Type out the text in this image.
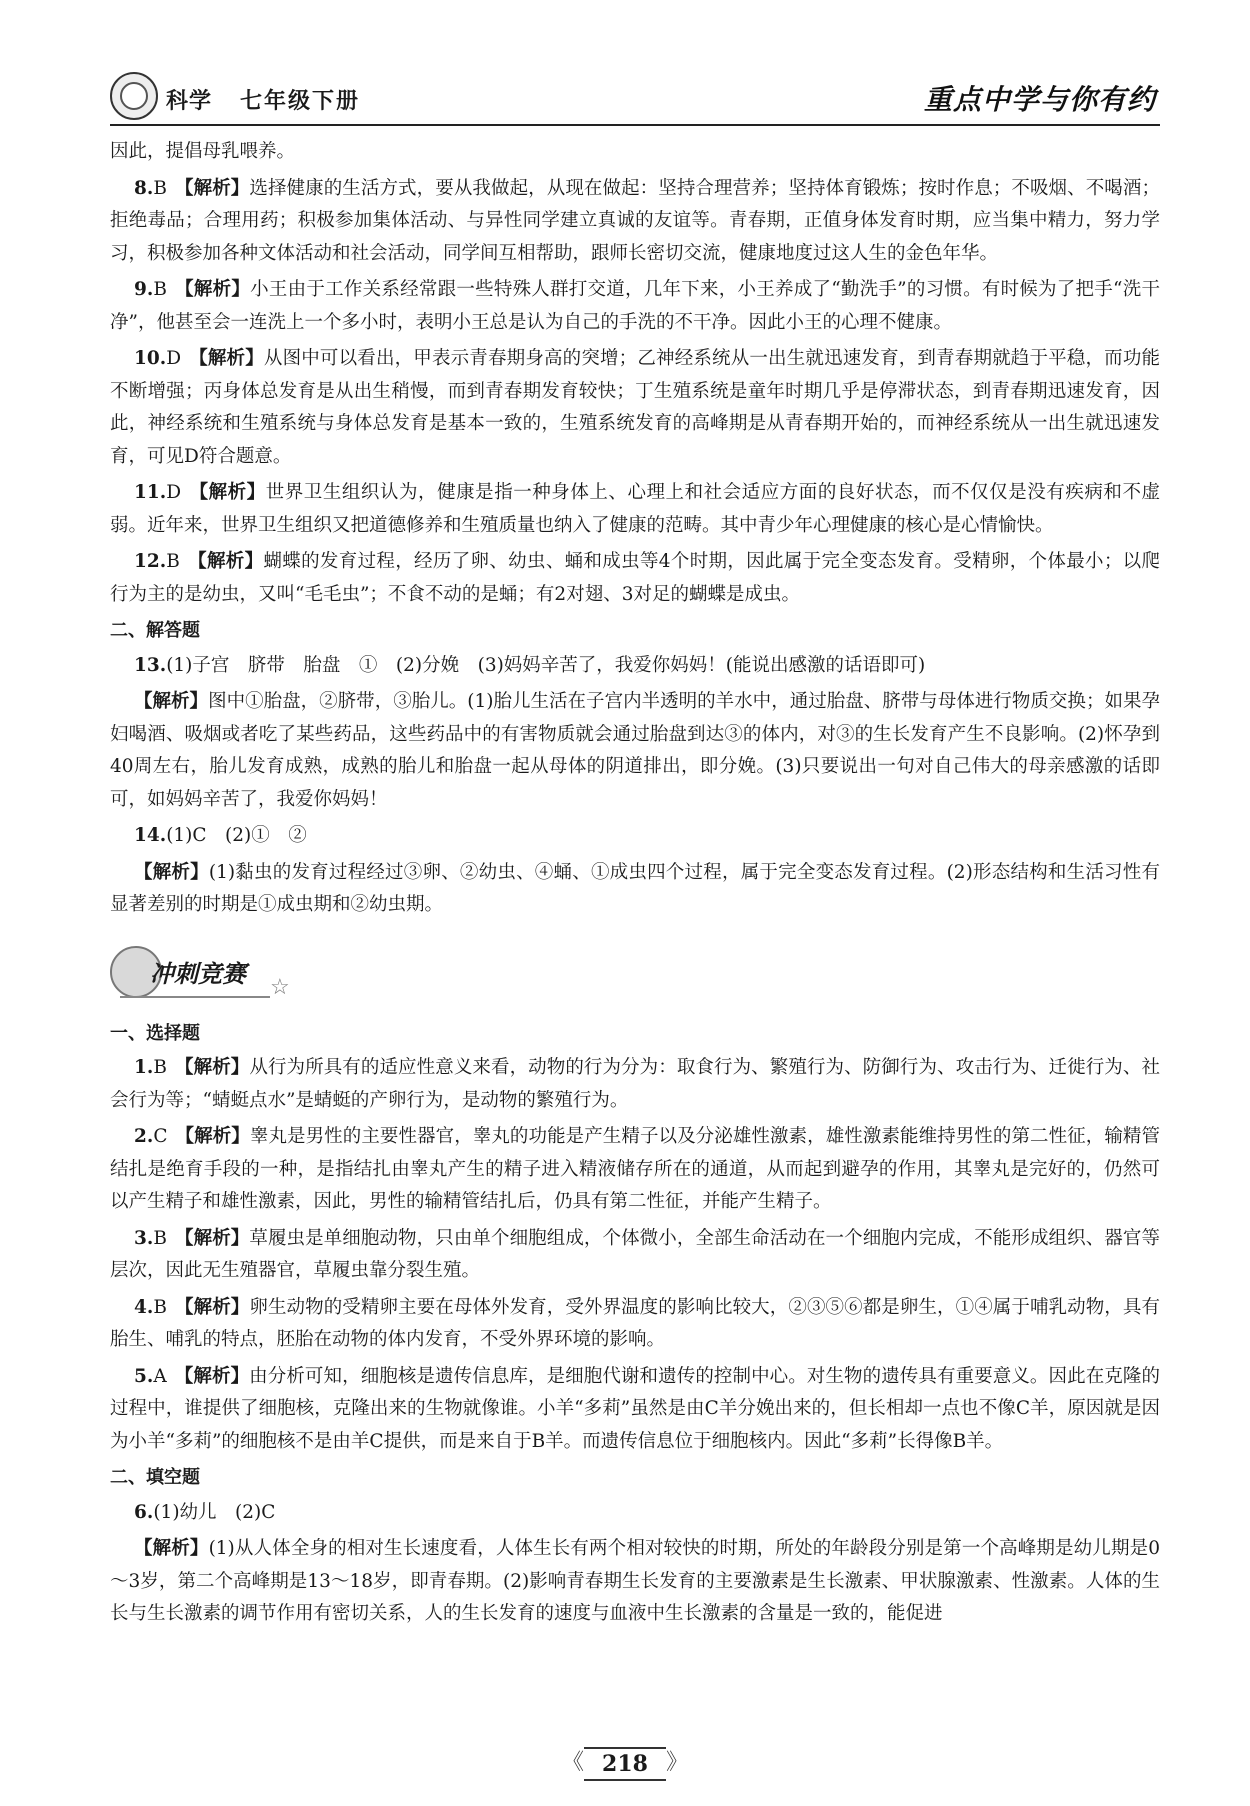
科学 七年级下册	重点中学与你有约

因此，提倡母乳喂养。

8.B 【解析】选择健康的生活方式，要从我做起，从现在做起：坚持合理营养；坚持体育锻炼；按时作息；不吸烟、不喝酒；拒绝毒品；合理用药；积极参加集体活动、与异性同学建立真诚的友谊等。青春期，正值身体发育时期，应当集中精力，努力学习，积极参加各种文体活动和社会活动，同学间互相帮助，跟师长密切交流，健康地度过这人生的金色年华。

9.B 【解析】小王由于工作关系经常跟一些特殊人群打交道，几年下来，小王养成了“勤洗手”的习惯。有时候为了把手“洗干净”，他甚至会一连洗上一个多小时，表明小王总是认为自己的手洗的不干净。因此小王的心理不健康。

10.D 【解析】从图中可以看出，甲表示青春期身高的突增；乙神经系统从一出生就迅速发育，到青春期就趋于平稳，而功能不断增强；丙身体总发育是从出生稍慢，而到青春期发育较快；丁生殖系统是童年时期几乎是停滞状态，到青春期迅速发育，因此，神经系统和生殖系统与身体总发育是基本一致的，生殖系统发育的高峰期是从青春期开始的，而神经系统从一出生就迅速发育，可见D符合题意。

11.D 【解析】世界卫生组织认为，健康是指一种身体上、心理上和社会适应方面的良好状态，而不仅仅是没有疾病和不虚弱。近年来，世界卫生组织又把道德修养和生殖质量也纳入了健康的范畴。其中青少年心理健康的核心是心情愉快。

12.B 【解析】蝴蝶的发育过程，经历了卵、幼虫、蛹和成虫等4个时期，因此属于完全变态发育。受精卵，个体最小；以爬行为主的是幼虫，又叫“毛毛虫”；不食不动的是蛹；有2对翅、3对足的蝴蝶是成虫。

二、解答题

13.(1)子宫　脐带　胎盘　①　(2)分娩　(3)妈妈辛苦了，我爱你妈妈！(能说出感激的话语即可)

【解析】图中①胎盘，②脐带，③胎儿。(1)胎儿生活在子宫内半透明的羊水中，通过胎盘、脐带与母体进行物质交换；如果孕妇喝酒、吸烟或者吃了某些药品，这些药品中的有害物质就会通过胎盘到达③的体内，对③的生长发育产生不良影响。(2)怀孕到40周左右，胎儿发育成熟，成熟的胎儿和胎盘一起从母体的阴道排出，即分娩。(3)只要说出一句对自己伟大的母亲感激的话即可，如妈妈辛苦了，我爱你妈妈！

14.(1)C　(2)①　②

【解析】(1)黏虫的发育过程经过③卵、②幼虫、④蛹、①成虫四个过程，属于完全变态发育过程。(2)形态结构和生活习性有显著差别的时期是①成虫期和②幼虫期。

冲刺竞赛 ☆
一、选择题

1.B 【解析】从行为所具有的适应性意义来看，动物的行为分为：取食行为、繁殖行为、防御行为、攻击行为、迁徙行为、社会行为等；“蜻蜓点水”是蜻蜓的产卵行为，是动物的繁殖行为。

2.C 【解析】睾丸是男性的主要性器官，睾丸的功能是产生精子以及分泌雄性激素，雄性激素能维持男性的第二性征，输精管结扎是绝育手段的一种，是指结扎由睾丸产生的精子进入精液储存所在的通道，从而起到避孕的作用，其睾丸是完好的，仍然可以产生精子和雄性激素，因此，男性的输精管结扎后，仍具有第二性征，并能产生精子。

3.B 【解析】草履虫是单细胞动物，只由单个细胞组成，个体微小，全部生命活动在一个细胞内完成，不能形成组织、器官等层次，因此无生殖器官，草履虫靠分裂生殖。

4.B 【解析】卵生动物的受精卵主要在母体外发育，受外界温度的影响比较大，②③⑤⑥都是卵生，①④属于哺乳动物，具有胎生、哺乳的特点，胚胎在动物的体内发育，不受外界环境的影响。

5.A 【解析】由分析可知，细胞核是遗传信息库，是细胞代谢和遗传的控制中心。对生物的遗传具有重要意义。因此在克隆的过程中，谁提供了细胞核，克隆出来的生物就像谁。小羊“多莉”虽然是由C羊分娩出来的，但长相却一点也不像C羊，原因就是因为小羊“多莉”的细胞核不是由羊C提供，而是来自于B羊。而遗传信息位于细胞核内。因此“多莉”长得像B羊。

二、填空题

6.(1)幼儿　(2)C

【解析】(1)从人体全身的相对生长速度看，人体生长有两个相对较快的时期，所处的年龄段分别是第一个高峰期是幼儿期是0～3岁，第二个高峰期是13～18岁，即青春期。(2)影响青春期生长发育的主要激素是生长激素、甲状腺激素、性激素。人体的生长与生长激素的调节作用有密切关系，人的生长发育的速度与血液中生长激素的含量是一致的，能促进

《 218 》
